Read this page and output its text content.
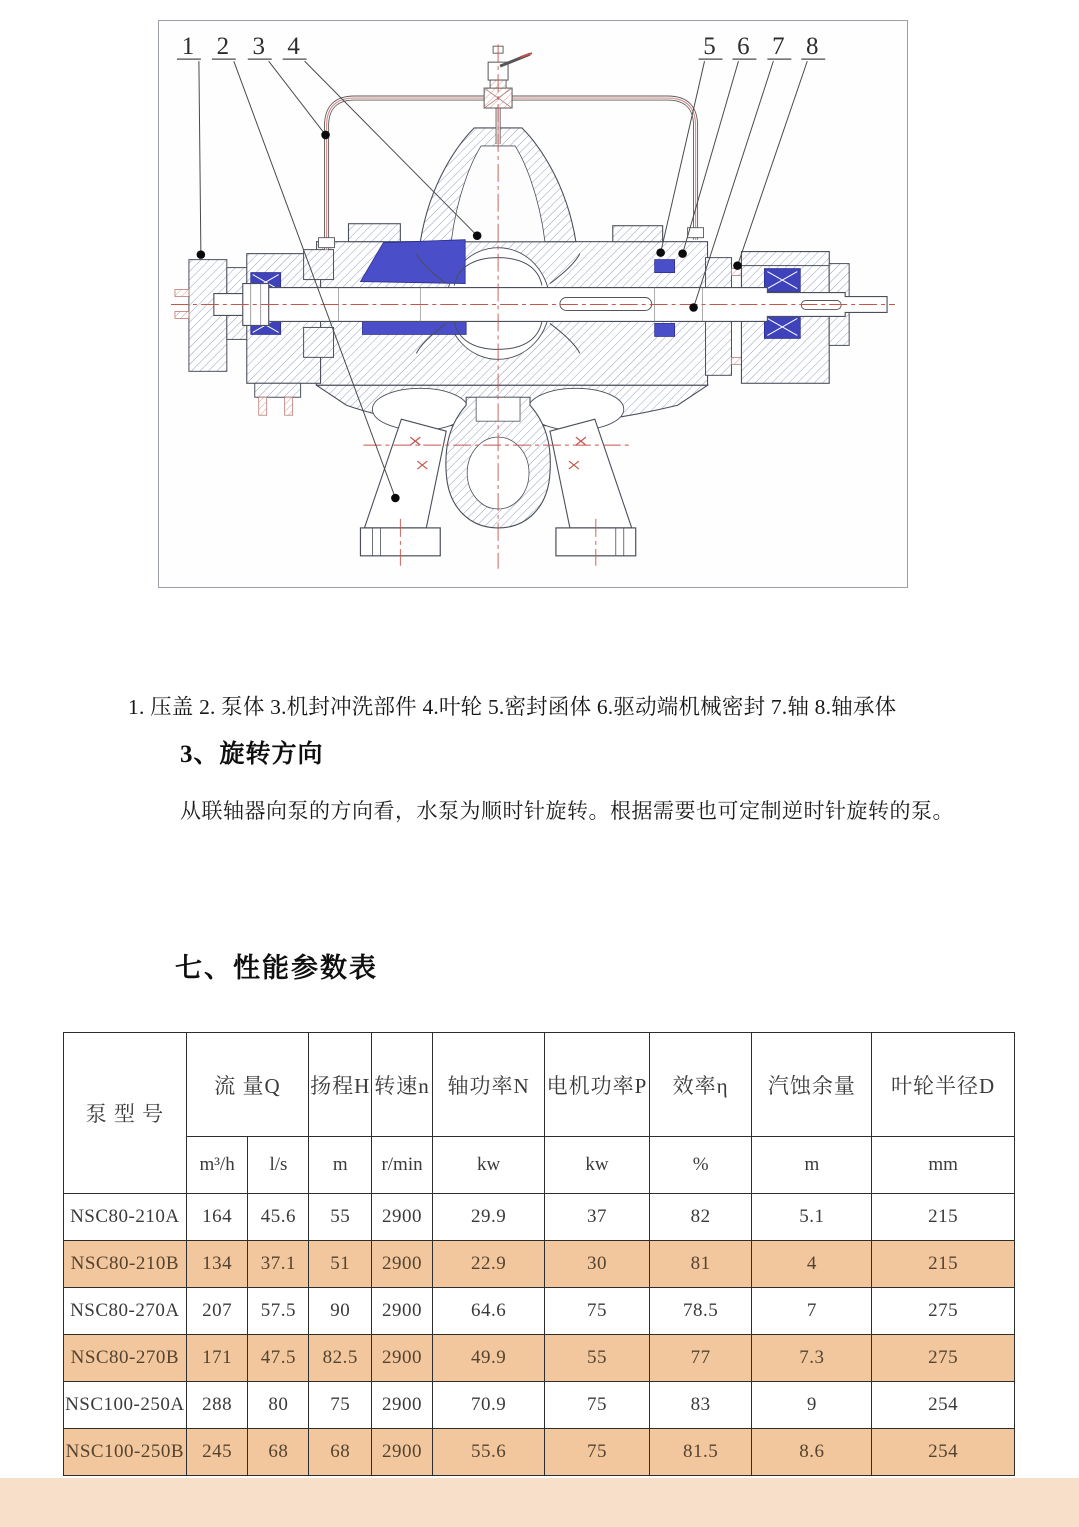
1 2 3 4	5 6 7 8
1. 压盖 2. 泵体 3.机封冲洗部件 4.叶轮 5.密封函体 6.驱动端机械密封 7.轴 8.轴承体
3、旋转方向
从联轴器向泵的方向看，水泵为顺时针旋转。根据需要也可定制逆时针旋转的泵。
七、性能参数表
泵 型 号	流 量Q		扬程H	转速n	轴功率N	电机功率P	效率η	汽蚀余量	叶轮半径D
	m³/h	l/s	m	r/min	kw	kw	%	m	mm
NSC80-210A	164	45.6	55	2900	29.9	37	82	5.1	215
NSC80-210B	134	37.1	51	2900	22.9	30	81	4	215
NSC80-270A	207	57.5	90	2900	64.6	75	78.5	7	275
NSC80-270B	171	47.5	82.5	2900	49.9	55	77	7.3	275
NSC100-250A	288	80	75	2900	70.9	75	83	9	254
NSC100-250B	245	68	68	2900	55.6	75	81.5	8.6	254
